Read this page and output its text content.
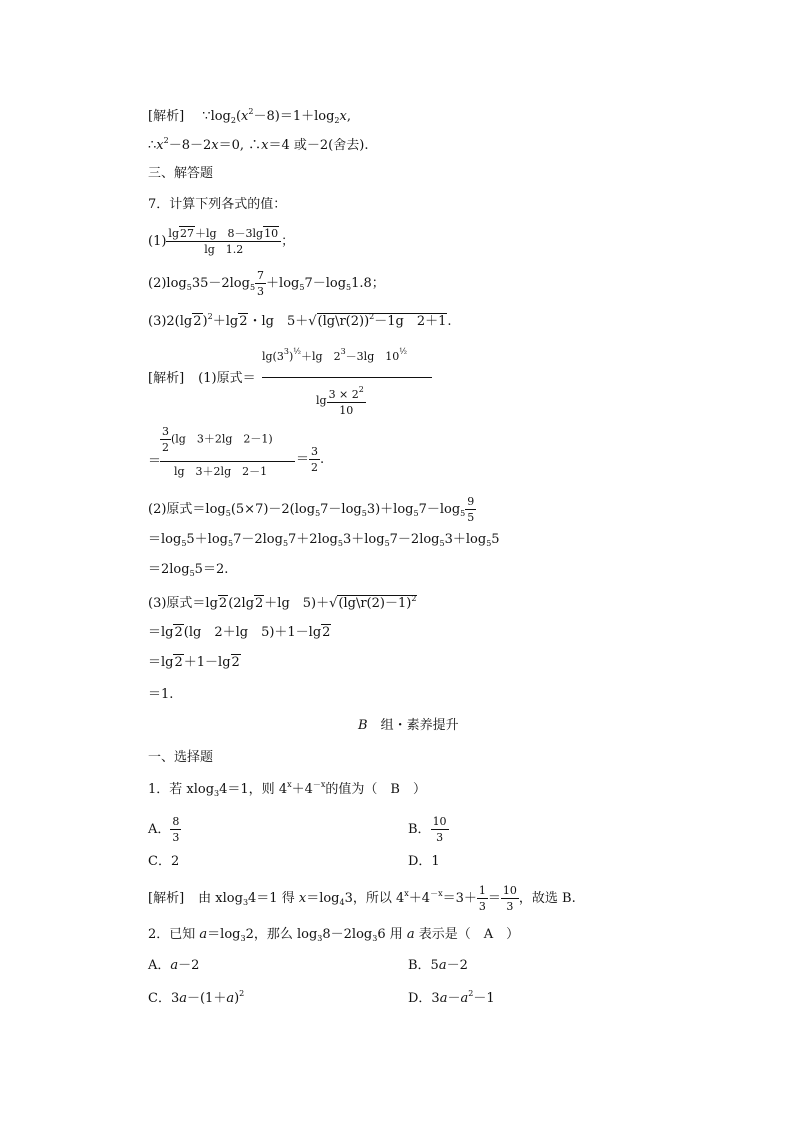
[解析] $\because\log_2(x^2-8)=1+\log_2x$,
$\therefore x^2-8-2x=0$, ∴x＝4 或－2(舍去).
三、解答题
7．计算下列各式的值：
$(1) \frac{\lg 27+\lg 8-3\lg 10}{\lg 1.2}$ ；
$(2)\log_535-2\log_5 \frac{7}{3} +\log_57-\log_51.8$；
$(3)2(\lg 2)^2+\lg 2$・lg　5＋√(lg\r(2))$^2$－1g　2＋1.
$\lg(3^3)^{\frac{1}{2}}+\lg$　$2^3-3\lg$　$10^{\frac{1}{2}}$
[解析] (1)原式＝
$\lg \frac{3 \times 2^2}{10}$
$\frac{3}{2} (\lg$　3＋2lg　2－1)
＝
lg　3＋2lg　2－1
＝ $\frac{3}{2}$ .
(2)原式$=\log_5(5\times 7)-2(\log_57-\log_53)+\log_57-\log_5 \frac{9}{5}$
$=\log_55+\log_57-2\log_57+2\log_53+\log_57-2\log_53+\log_55$
$=2\log_55=2$.
(3)原式＝lg2(2lg2＋lg　5)＋√(lg\r(2)－1)$^2$
＝lg2(lg　2＋lg　5)＋1－lg2
＝lg2＋1－lg2
＝1.
B　组・素养提升
一、选择题
1．若 xlog$_3$4＝1，则 $4^x+4^{-x}$的值为（　B　）
A． $\frac{8}{3}$	B． $\frac{10}{3}$
C．2	D．1
[解析] 由 xlog$_3$4＝1 得 $x=\log_43$，所以 $4^x+4^{-x}=3+ \frac{1}{3} = \frac{10}{3}$ ，故选 B.
2．已知 $a=\log_32$，那么 $\log_38-2\log_36$ 用 a 表示是（　A　）
A．a－2	B．5a－2
C．$3a-(1+a)^2$	D．$3a-a^2-1$
